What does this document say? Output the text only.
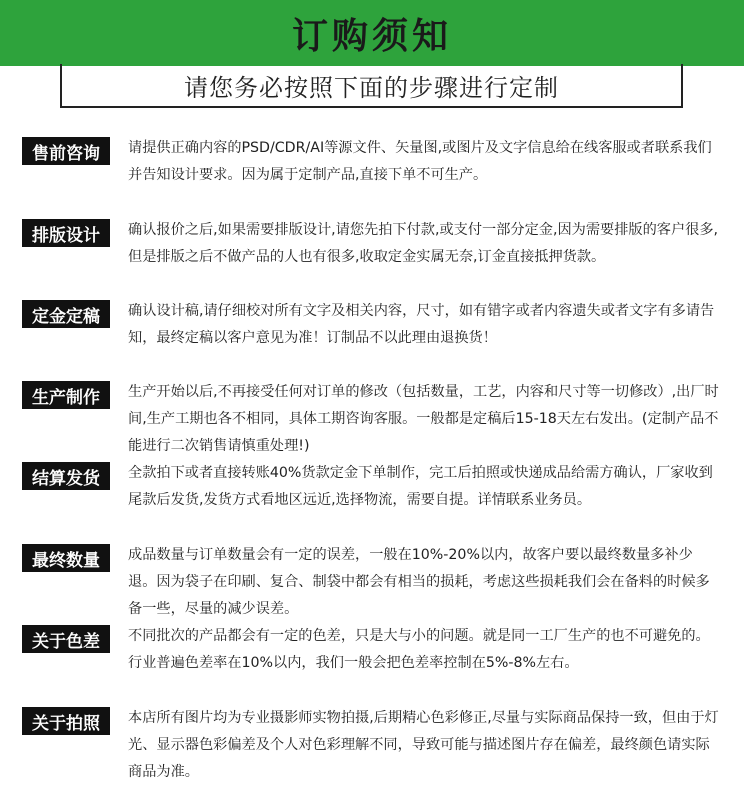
订购须知
请您务必按照下面的步骤进行定制
售前咨询	请提供正确内容的PSD/CDR/AI等源文件、矢量图,或图片及文字信息给在线客服或者联系我们并告知设计要求。因为属于定制产品,直接下单不可生产。
排版设计	确认报价之后,如果需要排版设计,请您先拍下付款,或支付一部分定金,因为需要排版的客户很多,但是排版之后不做产品的人也有很多,收取定金实属无奈,订金直接抵押货款。
定金定稿	确认设计稿,请仔细校对所有文字及相关内容，尺寸，如有错字或者内容遗失或者文字有多请告知，最终定稿以客户意见为准！订制品不以此理由退换货！
生产制作	生产开始以后,不再接受任何对订单的修改（包括数量，工艺，内容和尺寸等一切修改）,出厂时间,生产工期也各不相同，具体工期咨询客服。一般都是定稿后15-18天左右发出。(定制产品不能进行二次销售请慎重处理!)
结算发货	全款拍下或者直接转账40%货款定金下单制作，完工后拍照或快递成品给需方确认，厂家收到尾款后发货,发货方式看地区远近,选择物流，需要自提。详情联系业务员。
最终数量	成品数量与订单数量会有一定的误差，一般在10%-20%以内，故客户要以最终数量多补少退。因为袋子在印刷、复合、制袋中都会有相当的损耗，考虑这些损耗我们会在备料的时候多备一些，尽量的减少误差。
关于色差	不同批次的产品都会有一定的色差，只是大与小的问题。就是同一工厂生产的也不可避免的。行业普遍色差率在10%以内，我们一般会把色差率控制在5%-8%左右。
关于拍照	本店所有图片均为专业摄影师实物拍摄,后期精心色彩修正,尽量与实际商品保持一致，但由于灯光、显示器色彩偏差及个人对色彩理解不同，导致可能与描述图片存在偏差，最终颜色请实际商品为准。
